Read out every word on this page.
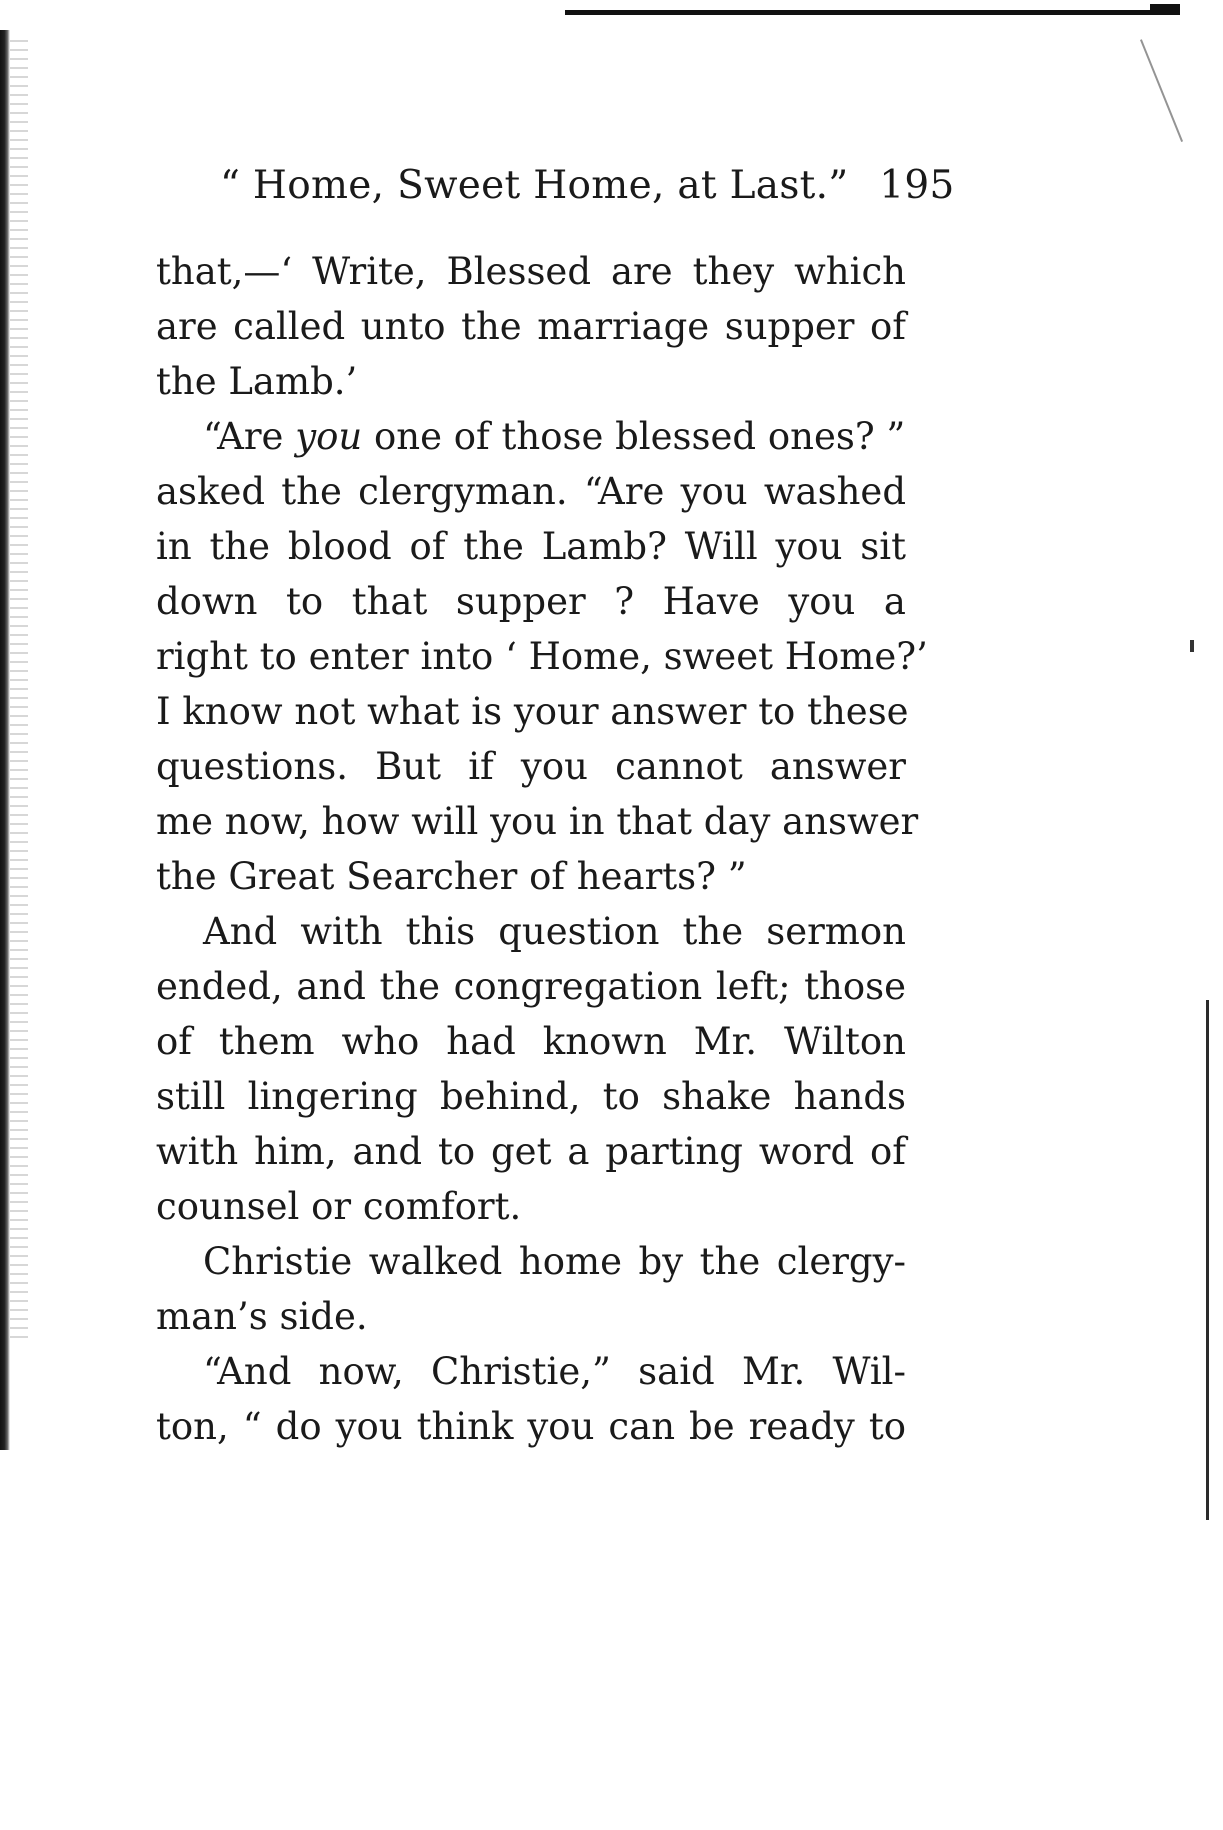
“ Home, Sweet Home, at Last.” 195

that,—‘ Write, Blessed are they which
are called unto the marriage supper of
the Lamb.’

“Are you one of those blessed ones? ”
asked the clergyman. “Are you washed
in the blood of the Lamb? Will you sit
down to that supper ? Have you a
right to enter into ‘ Home, sweet Home?’
I know not what is your answer to these
questions. But if you cannot answer
me now, how will you in that day answer
the Great Searcher of hearts? ”

And with this question the sermon
ended, and the congregation left; those
of them who had known Mr. Wilton
still lingering behind, to shake hands
with him, and to get a parting word of
counsel or comfort.

Christie walked home by the clergy-
man’s side.

“And now, Christie,” said Mr. Wil-
ton, “ do you think you can be ready to
